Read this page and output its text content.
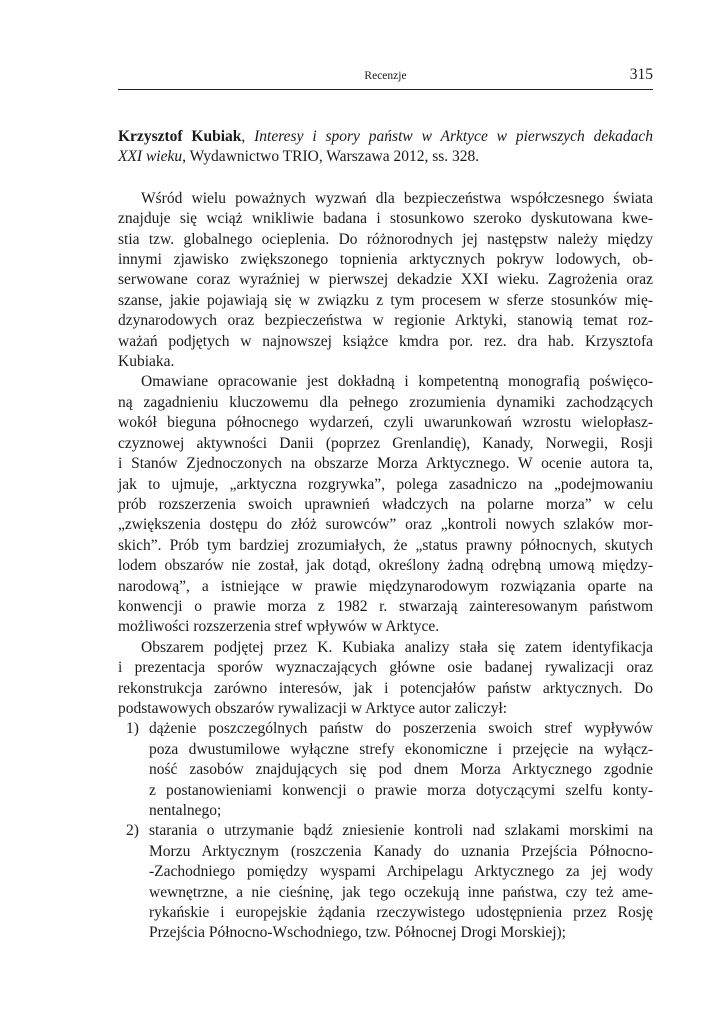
Recenzje	315
Krzysztof Kubiak, Interesy i spory państw w Arktyce w pierwszych dekadach
XXI wieku, Wydawnictwo TRIO, Warszawa 2012, ss. 328.
Wśród wielu poważnych wyzwań dla bezpieczeństwa współczesnego świata
znajduje się wciąż wnikliwie badana i stosunkowo szeroko dyskutowana kwe-
stia tzw. globalnego ocieplenia. Do różnorodnych jej następstw należy między
innymi zjawisko zwiększonego topnienia arktycznych pokryw lodowych, ob-
serwowane coraz wyraźniej w pierwszej dekadzie XXI wieku. Zagrożenia oraz
szanse, jakie pojawiają się w związku z tym procesem w sferze stosunków mię-
dzynarodowych oraz bezpieczeństwa w regionie Arktyki, stanowią temat roz-
ważań podjętych w najnowszej książce kmdra por. rez. dra hab. Krzysztofa
Kubiaka.
Omawiane opracowanie jest dokładną i kompetentną monografią poświęco-
ną zagadnieniu kluczowemu dla pełnego zrozumienia dynamiki zachodzących
wokół bieguna północnego wydarzeń, czyli uwarunkowań wzrostu wielopłasz-
czyznowej aktywności Danii (poprzez Grenlandię), Kanady, Norwegii, Rosji
i Stanów Zjednoczonych na obszarze Morza Arktycznego. W ocenie autora ta,
jak to ujmuje, „arktyczna rozgrywka”, polega zasadniczo na „podejmowaniu
prób rozszerzenia swoich uprawnień władczych na polarne morza” w celu
„zwiększenia dostępu do złóż surowców” oraz „kontroli nowych szlaków mor-
skich”. Prób tym bardziej zrozumiałych, że „status prawny północnych, skutych
lodem obszarów nie został, jak dotąd, określony żadną odrębną umową między-
narodową”, a istniejące w prawie międzynarodowym rozwiązania oparte na
konwencji o prawie morza z 1982 r. stwarzają zainteresowanym państwom
możliwości rozszerzenia stref wpływów w Arktyce.
Obszarem podjętej przez K. Kubiaka analizy stała się zatem identyfikacja
i prezentacja sporów wyznaczających główne osie badanej rywalizacji oraz
rekonstrukcja zarówno interesów, jak i potencjałów państw arktycznych. Do
podstawowych obszarów rywalizacji w Arktyce autor zaliczył:
1) dążenie poszczególnych państw do poszerzenia swoich stref wypływów
poza dwustumilowe wyłączne strefy ekonomiczne i przejęcie na wyłącz-
ność zasobów znajdujących się pod dnem Morza Arktycznego zgodnie
z postanowieniami konwencji o prawie morza dotyczącymi szelfu konty-
nentalnego;
2) starania o utrzymanie bądź zniesienie kontroli nad szlakami morskimi na
Morzu Arktycznym (roszczenia Kanady do uznania Przejścia Północno-
-Zachodniego pomiędzy wyspami Archipelagu Arktycznego za jej wody
wewnętrzne, a nie cieśninę, jak tego oczekują inne państwa, czy też ame-
rykańskie i europejskie żądania rzeczywistego udostępnienia przez Rosję
Przejścia Północno-Wschodniego, tzw. Północnej Drogi Morskiej);
